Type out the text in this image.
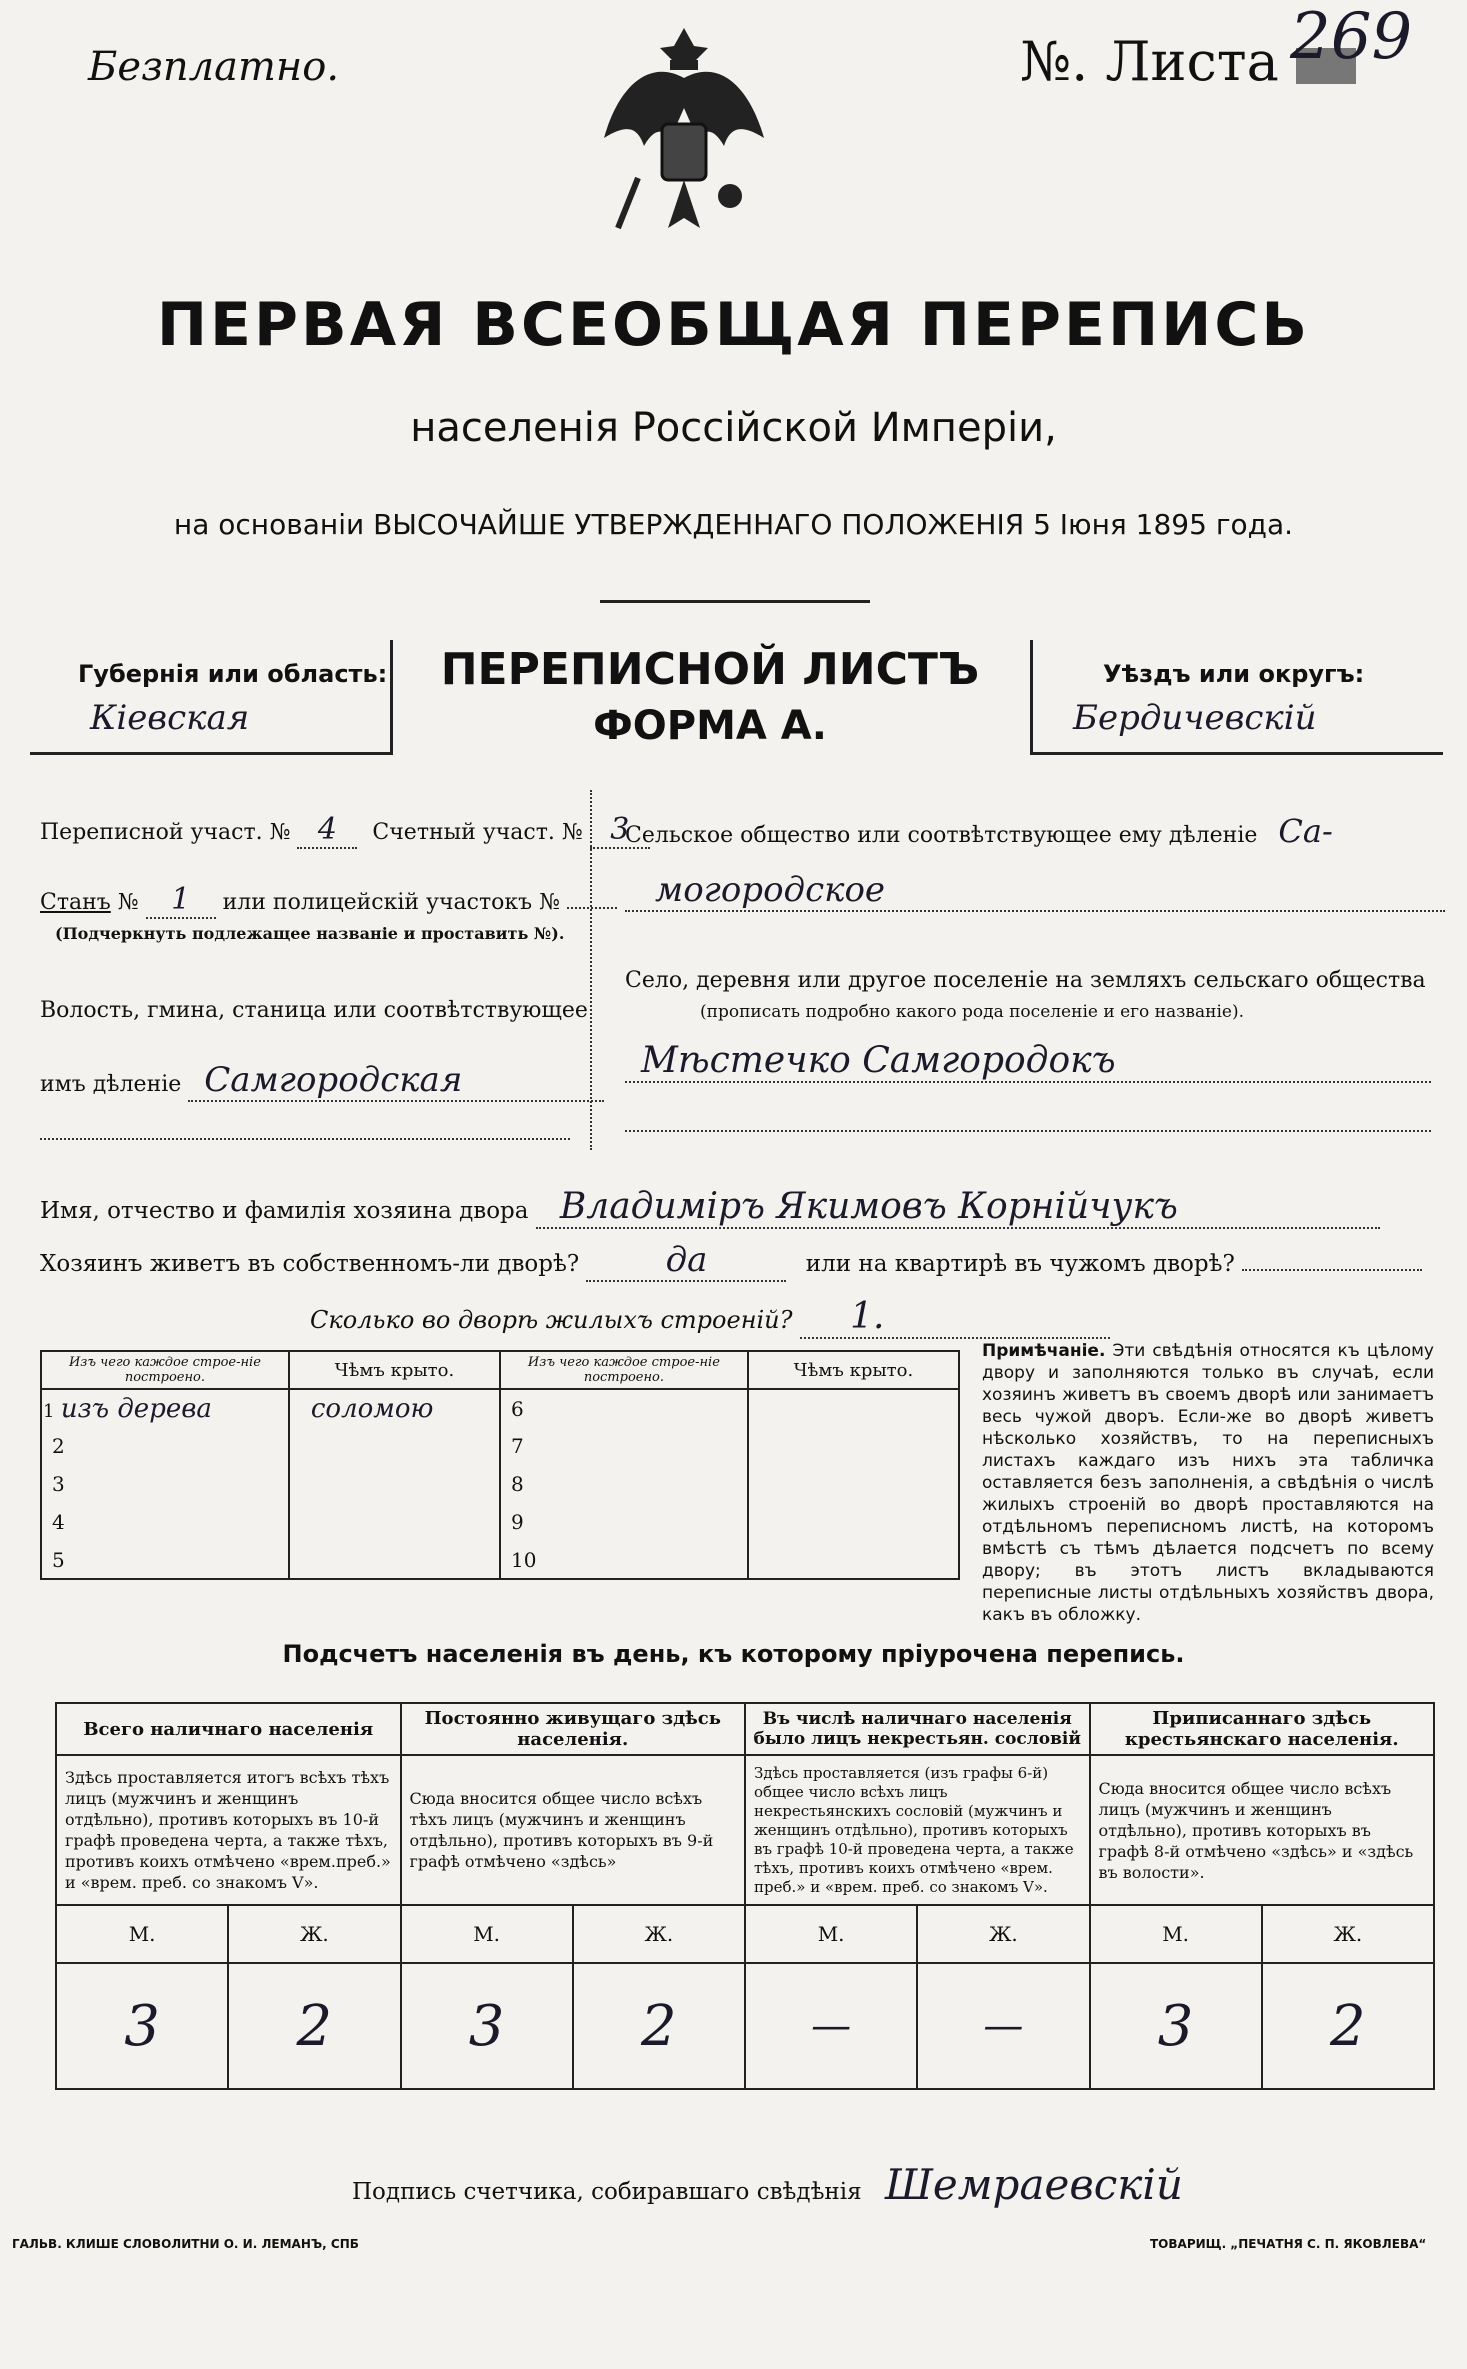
Безплатно.	№. Листа 269
ПЕРВАЯ ВСЕОБЩАЯ ПЕРЕПИСЬ
населенія Россійской Имперіи,
на основаніи ВЫСОЧАЙШЕ УТВЕРЖДЕННАГО ПОЛОЖЕНІЯ 5 Іюня 1895 года.
Губернія или область:
Кіевская
ПЕРЕПИСНОЙ ЛИСТЪ
ФОРМА А.
Уѣздъ или округъ:
Бердичевскій
Переписной участ. № 4 Счетный участ. № 3
Станъ № 1 или полицейскій участокъ №
(Подчеркнуть подлежащее названіе и проставить №).
Волость, гмина, станица или соотвѣтствующее
имъ дѣленіе Самгородская
Сельское общество или соотвѣтствующее ему дѣленіе Са-
могородское
Село, деревня или другое поселеніе на земляхъ сельскаго общества
(прописать подробно какого рода поселеніе и его названіе).
Мѣстечко Самгородокъ
Имя, отчество и фамилія хозяина двора Владиміръ Якимовъ Корнійчукъ
Хозяинъ живетъ въ собственномъ-ли дворѣ?	да	или на квартирѣ въ чужомъ дворѣ?
Сколько во дворѣ жилыхъ строеній? 1.
Изъ чего каждое строе-ніе построено.	Чѣмъ крыто.	Изъ чего каждое строе-ніе построено.	Чѣмъ крыто.
1 изъ дерева	соломою	6	
2		7	
3		8	
4		9	
5		10	
Примѣчаніе. Эти свѣдѣнія относятся къ цѣлому двору и заполняются только въ случаѣ, если хозяинъ живетъ въ своемъ дворѣ или занимаетъ весь чужой дворъ. Если-же во дворѣ живетъ нѣсколько хозяйствъ, то на переписныхъ листахъ каждаго изъ нихъ эта табличка оставляется безъ заполненія, а свѣдѣнія о числѣ жилыхъ строеній во дворѣ проставляются на отдѣльномъ переписномъ листѣ, на которомъ вмѣстѣ съ тѣмъ дѣлается подсчетъ по всему двору; въ этотъ листъ вкладываются переписные листы отдѣльныхъ хозяйствъ двора, какъ въ обложку.
Подсчетъ населенія въ день, къ которому пріурочена перепись.
Всего наличнаго населенія		Постоянно живущаго здѣсь населенія.		Въ числѣ наличнаго населенія было лицъ некрестьян. сословій		Приписаннаго здѣсь крестьянскаго населенія.	
Здѣсь проставляется итогъ всѣхъ тѣхъ лицъ (мужчинъ и женщинъ отдѣльно), противъ которыхъ въ 10-й графѣ проведена черта, а также тѣхъ, противъ коихъ отмѣчено «врем.преб.» и «врем. преб. со знакомъ V».		Сюда вносится общее число всѣхъ тѣхъ лицъ (мужчинъ и женщинъ отдѣльно), противъ которыхъ въ 9-й графѣ отмѣчено «здѣсь»		Здѣсь проставляется (изъ графы 6-й) общее число всѣхъ лицъ некрестьянскихъ сословій (мужчинъ и женщинъ отдѣльно), противъ которыхъ въ графѣ 10-й проведена черта, а также тѣхъ, противъ коихъ отмѣчено «врем. преб.» и «врем. преб. со знакомъ V».		Сюда вносится общее число всѣхъ лицъ (мужчинъ и женщинъ отдѣльно), противъ которыхъ въ графѣ 8-й отмѣчено «здѣсь» и «здѣсь въ волости».	
М.	Ж.	М.	Ж.	М.	Ж.	М.	Ж.
3	2	3	2	—	—	3	2
Подпись счетчика, собиравшаго свѣдѣнія Шемраевскій
ГАЛЬВ. КЛИШЕ СЛОВОЛИТНИ О. И. ЛЕМАНЪ, СПБ	ТОВАРИЩ. „ПЕЧАТНЯ С. П. ЯКОВЛЕВА“
